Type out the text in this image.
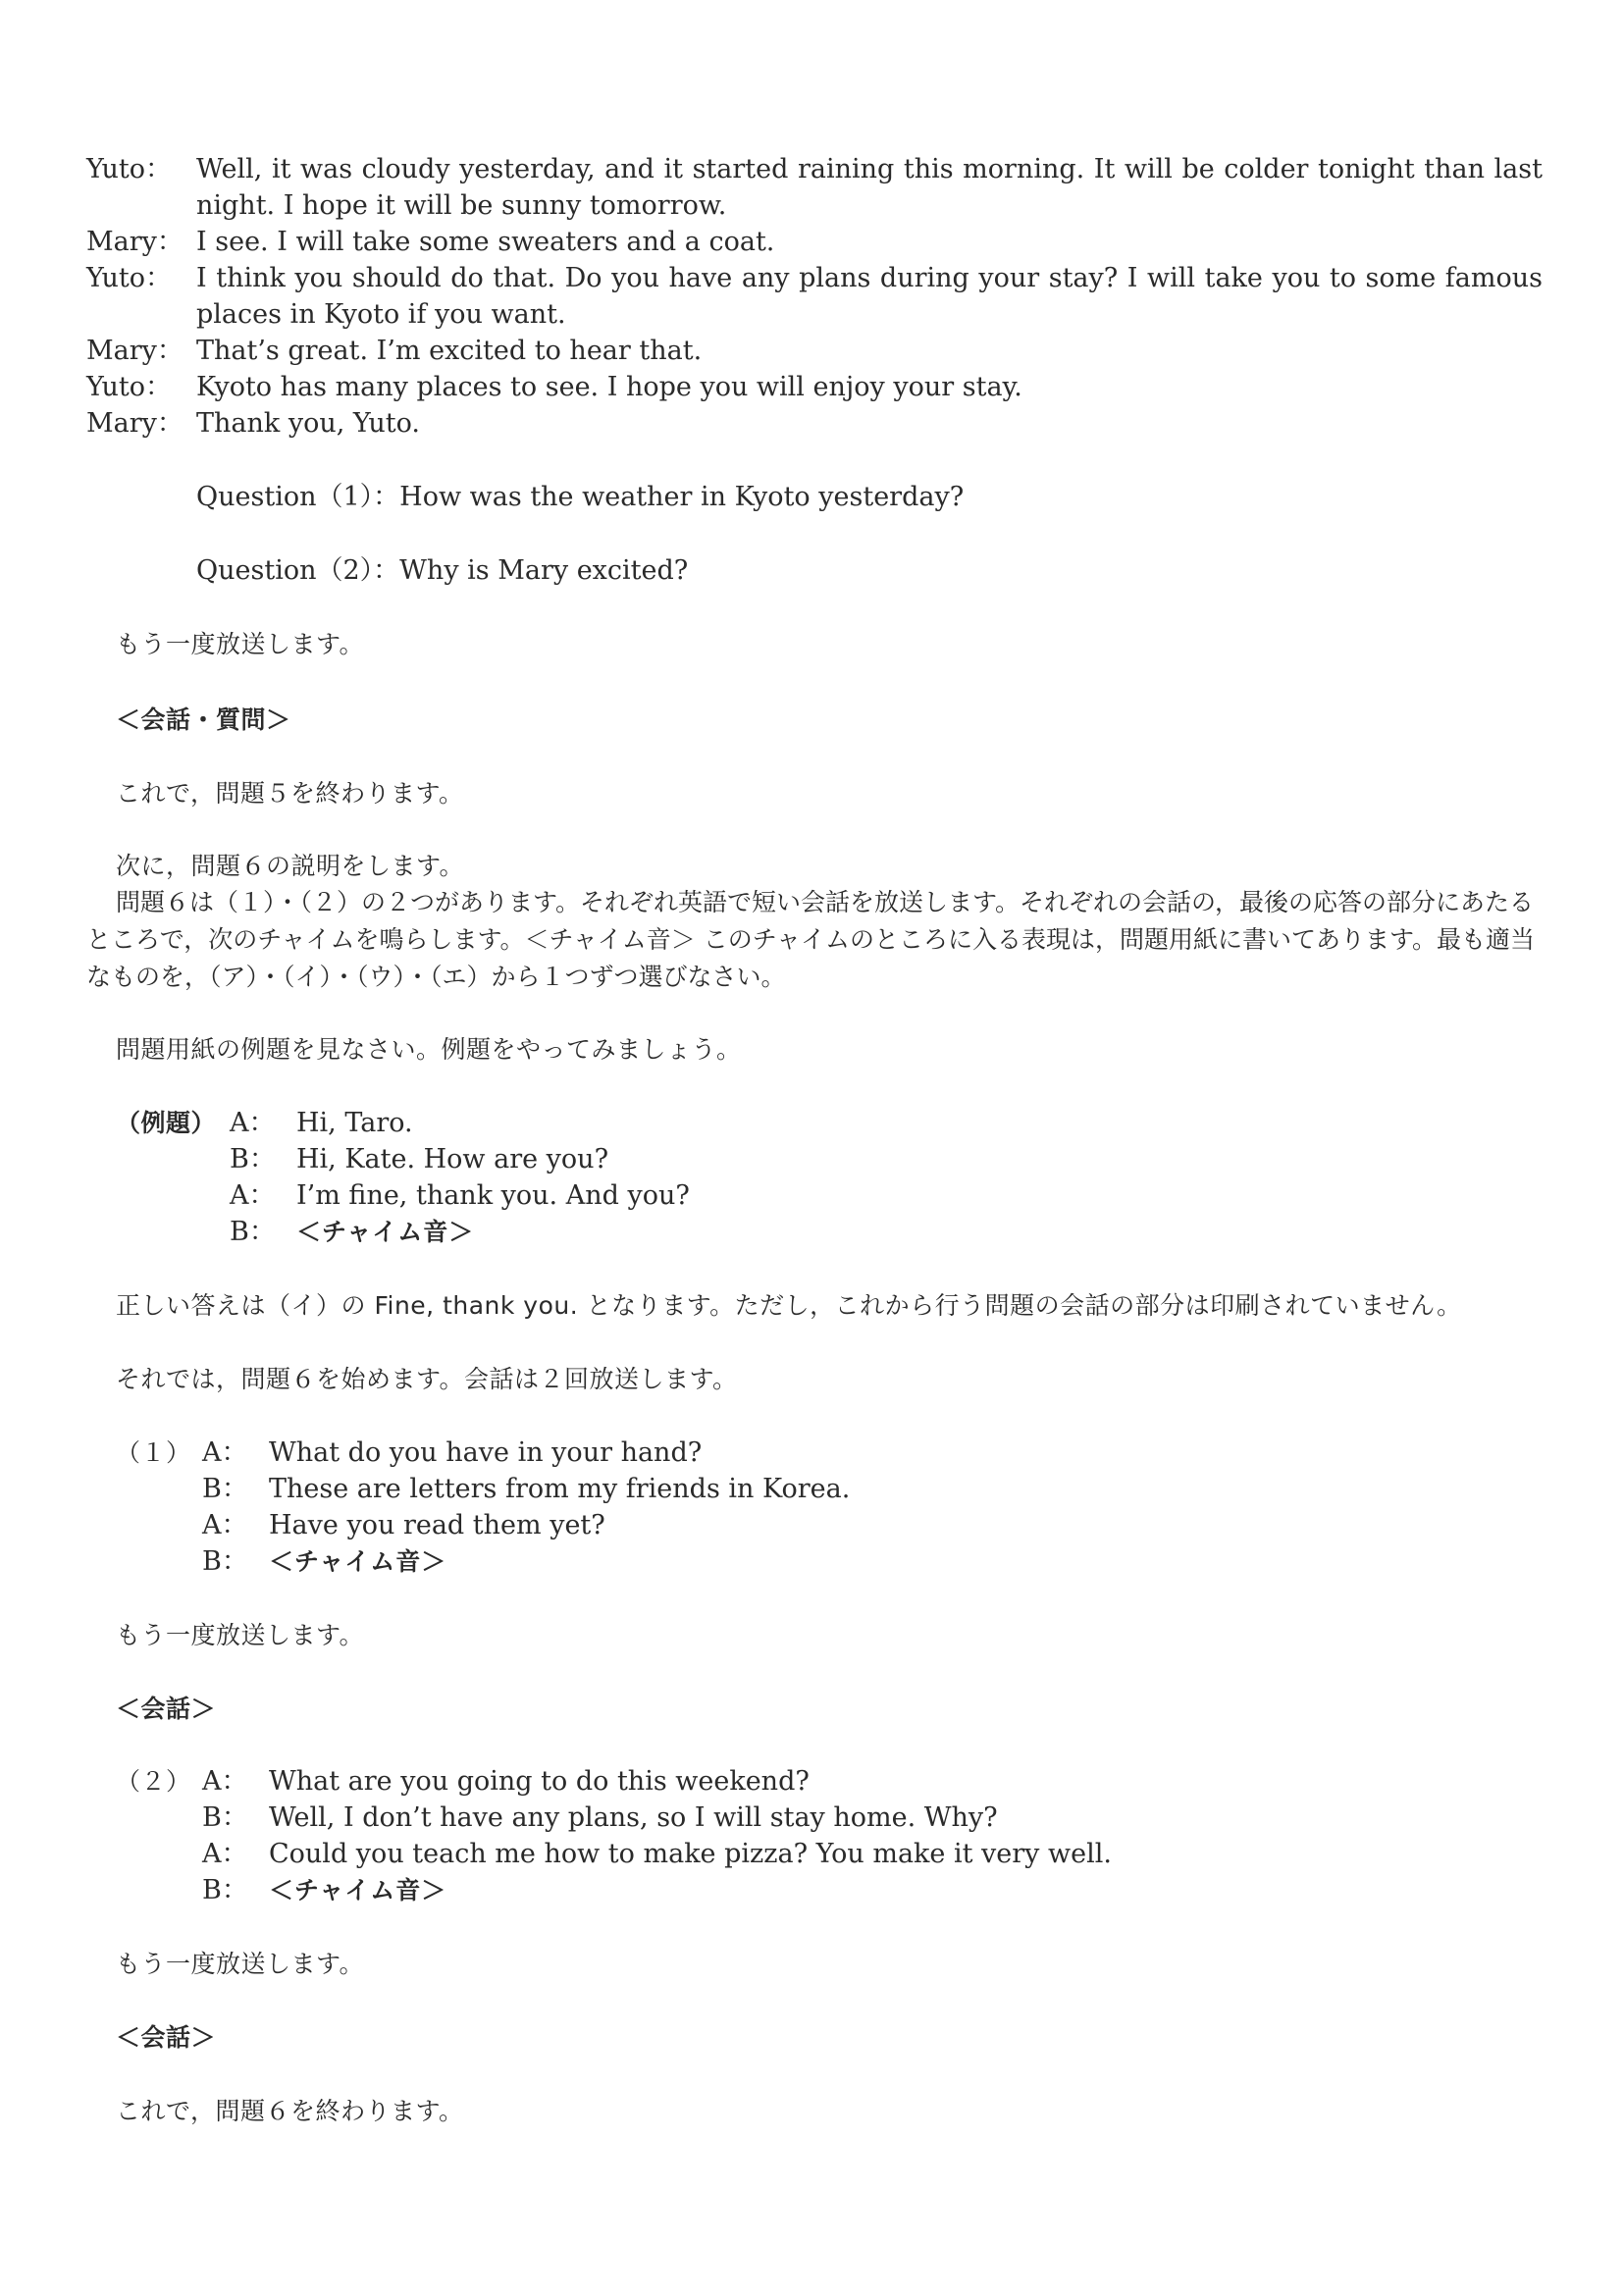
Yuto： Well, it was cloudy yesterday, and it started raining this morning. It will be colder tonight than last night. I hope it will be sunny tomorrow.
Mary： I see. I will take some sweaters and a coat.
Yuto： I think you should do that. Do you have any plans during your stay? I will take you to some famous places in Kyoto if you want.
Mary： That’s great. I’m excited to hear that.
Yuto： Kyoto has many places to see. I hope you will enjoy your stay.
Mary： Thank you, Yuto.
Question（1）：How was the weather in Kyoto yesterday?
Question（2）：Why is Mary excited?
もう一度放送します。
＜会話・質問＞
これで，問題５を終わります。
次に，問題６の説明をします。
問題６は（１）・（２）の２つがあります。それぞれ英語で短い会話を放送します。それぞれの会話の，最後の応答の部分にあたるところで，次のチャイムを鳴らします。＜チャイム音＞ このチャイムのところに入る表現は，問題用紙に書いてあります。最も適当なものを，（ア）・（イ）・（ウ）・（エ）から１つずつ選びなさい。
問題用紙の例題を見なさい。例題をやってみましょう。
（例題） A： Hi, Taro.
B： Hi, Kate. How are you?
A： I’m fine, thank you. And you?
B： ＜チャイム音＞
正しい答えは（イ）の Fine, thank you. となります。ただし，これから行う問題の会話の部分は印刷されていません。
それでは，問題６を始めます。会話は２回放送します。
（１） A： What do you have in your hand?
B： These are letters from my friends in Korea.
A： Have you read them yet?
B： ＜チャイム音＞
もう一度放送します。
＜会話＞
（２） A： What are you going to do this weekend?
B： Well, I don’t have any plans, so I will stay home. Why?
A： Could you teach me how to make pizza? You make it very well.
B： ＜チャイム音＞
もう一度放送します。
＜会話＞
これで，問題６を終わります。
